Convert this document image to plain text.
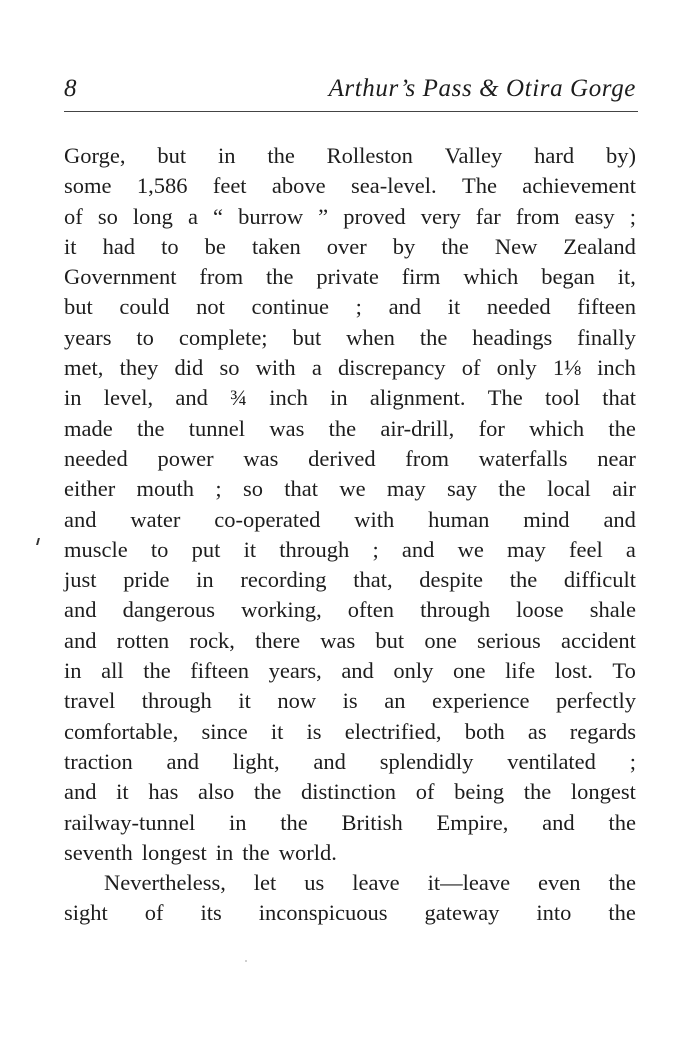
8	Arthur’s Pass & Otira Gorge
Gorge, but in the Rolleston Valley hard by)
some 1,586 feet above sea-level. The achievement
of so long a “ burrow ” proved very far from easy ;
it had to be taken over by the New Zealand
Government from the private firm which began it,
but could not continue ; and it needed fifteen
years to complete; but when the headings finally
met, they did so with a discrepancy of only 1⅛ inch
in level, and ¾ inch in alignment. The tool that
made the tunnel was the air-drill, for which the
needed power was derived from waterfalls near
either mouth ; so that we may say the local air
and water co-operated with human mind and
muscle to put it through ; and we may feel a
just pride in recording that, despite the difficult
and dangerous working, often through loose shale
and rotten rock, there was but one serious accident
in all the fifteen years, and only one life lost. To
travel through it now is an experience perfectly
comfortable, since it is electrified, both as regards
traction and light, and splendidly ventilated ;
and it has also the distinction of being the longest
railway-tunnel in the British Empire, and the
seventh longest in the world.
Nevertheless, let us leave it—leave even the
sight of its inconspicuous gateway into the
